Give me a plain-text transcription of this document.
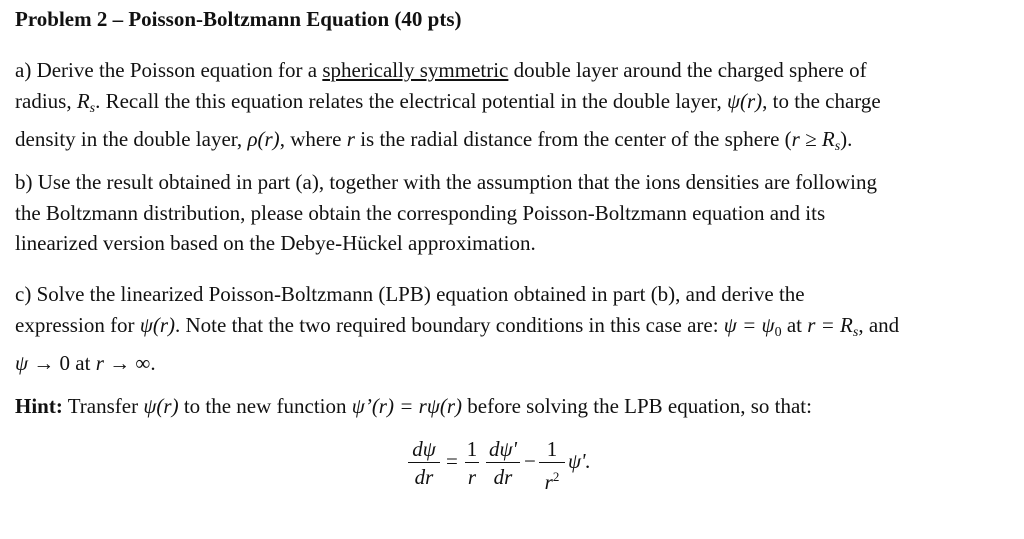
Problem 2 – Poisson-Boltzmann Equation (40 pts)
a) Derive the Poisson equation for a spherically symmetric double layer around the charged sphere of
radius, $R_s$. Recall the this equation relates the electrical potential in the double layer, ψ(r), to the charge
density in the double layer, ρ(r), where r is the radial distance from the center of the sphere $(r \ge R_s)$.
b) Use the result obtained in part (a), together with the assumption that the ions densities are following
the Boltzmann distribution, please obtain the corresponding Poisson-Boltzmann equation and its
linearized version based on the Debye-Hückel approximation.
c) Solve the linearized Poisson-Boltzmann (LPB) equation obtained in part (b), and derive the
expression for ψ(r). Note that the two required boundary conditions in this case are: ψ = ψ0 at $r = R_s$, and
ψ → 0 at r → ∞.
Hint: Transfer ψ(r) to the new function ψ’(r) = rψ(r) before solving the LPB equation, so that:
dψ
dr
= 1
r
dψ'
dr
− 1
$r^2$
ψ'.
